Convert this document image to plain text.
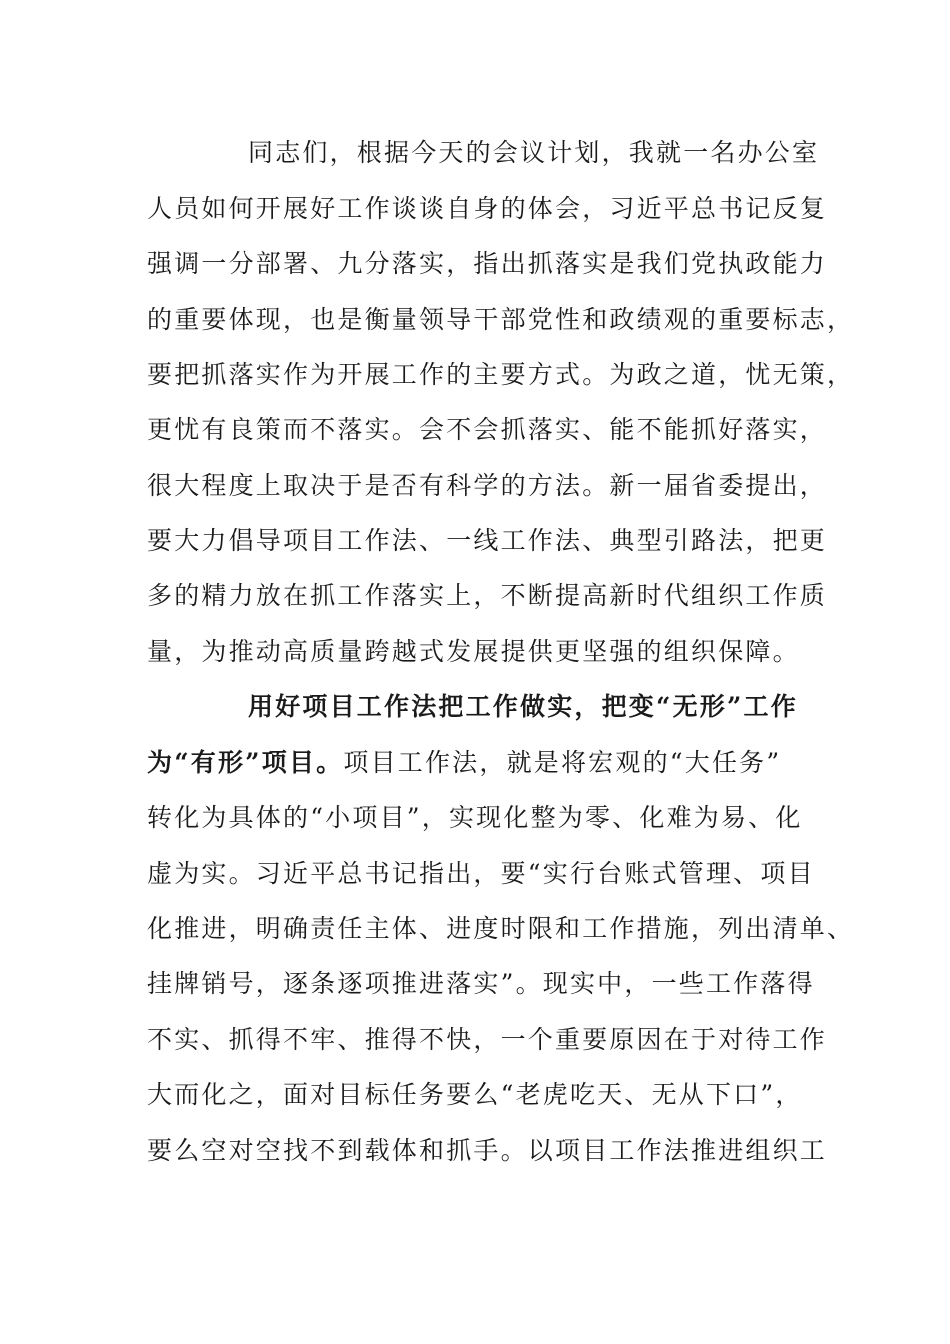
同志们，根据今天的会议计划，我就一名办公室
人员如何开展好工作谈谈自身的体会，习近平总书记反复
强调一分部署、九分落实，指出抓落实是我们党执政能力
的重要体现，也是衡量领导干部党性和政绩观的重要标志，
要把抓落实作为开展工作的主要方式。为政之道，忧无策，
更忧有良策而不落实。会不会抓落实、能不能抓好落实，
很大程度上取决于是否有科学的方法。新一届省委提出，
要大力倡导项目工作法、一线工作法、典型引路法，把更
多的精力放在抓工作落实上，不断提高新时代组织工作质
量，为推动高质量跨越式发展提供更坚强的组织保障。
用好项目工作法把工作做实，把变“无形”工作
为“有形”项目。项目工作法，就是将宏观的“大任务”
转化为具体的“小项目”，实现化整为零、化难为易、化
虚为实。习近平总书记指出，要“实行台账式管理、项目
化推进，明确责任主体、进度时限和工作措施，列出清单、
挂牌销号，逐条逐项推进落实”。现实中，一些工作落得
不实、抓得不牢、推得不快，一个重要原因在于对待工作
大而化之，面对目标任务要么“老虎吃天、无从下口”，
要么空对空找不到载体和抓手。以项目工作法推进组织工
